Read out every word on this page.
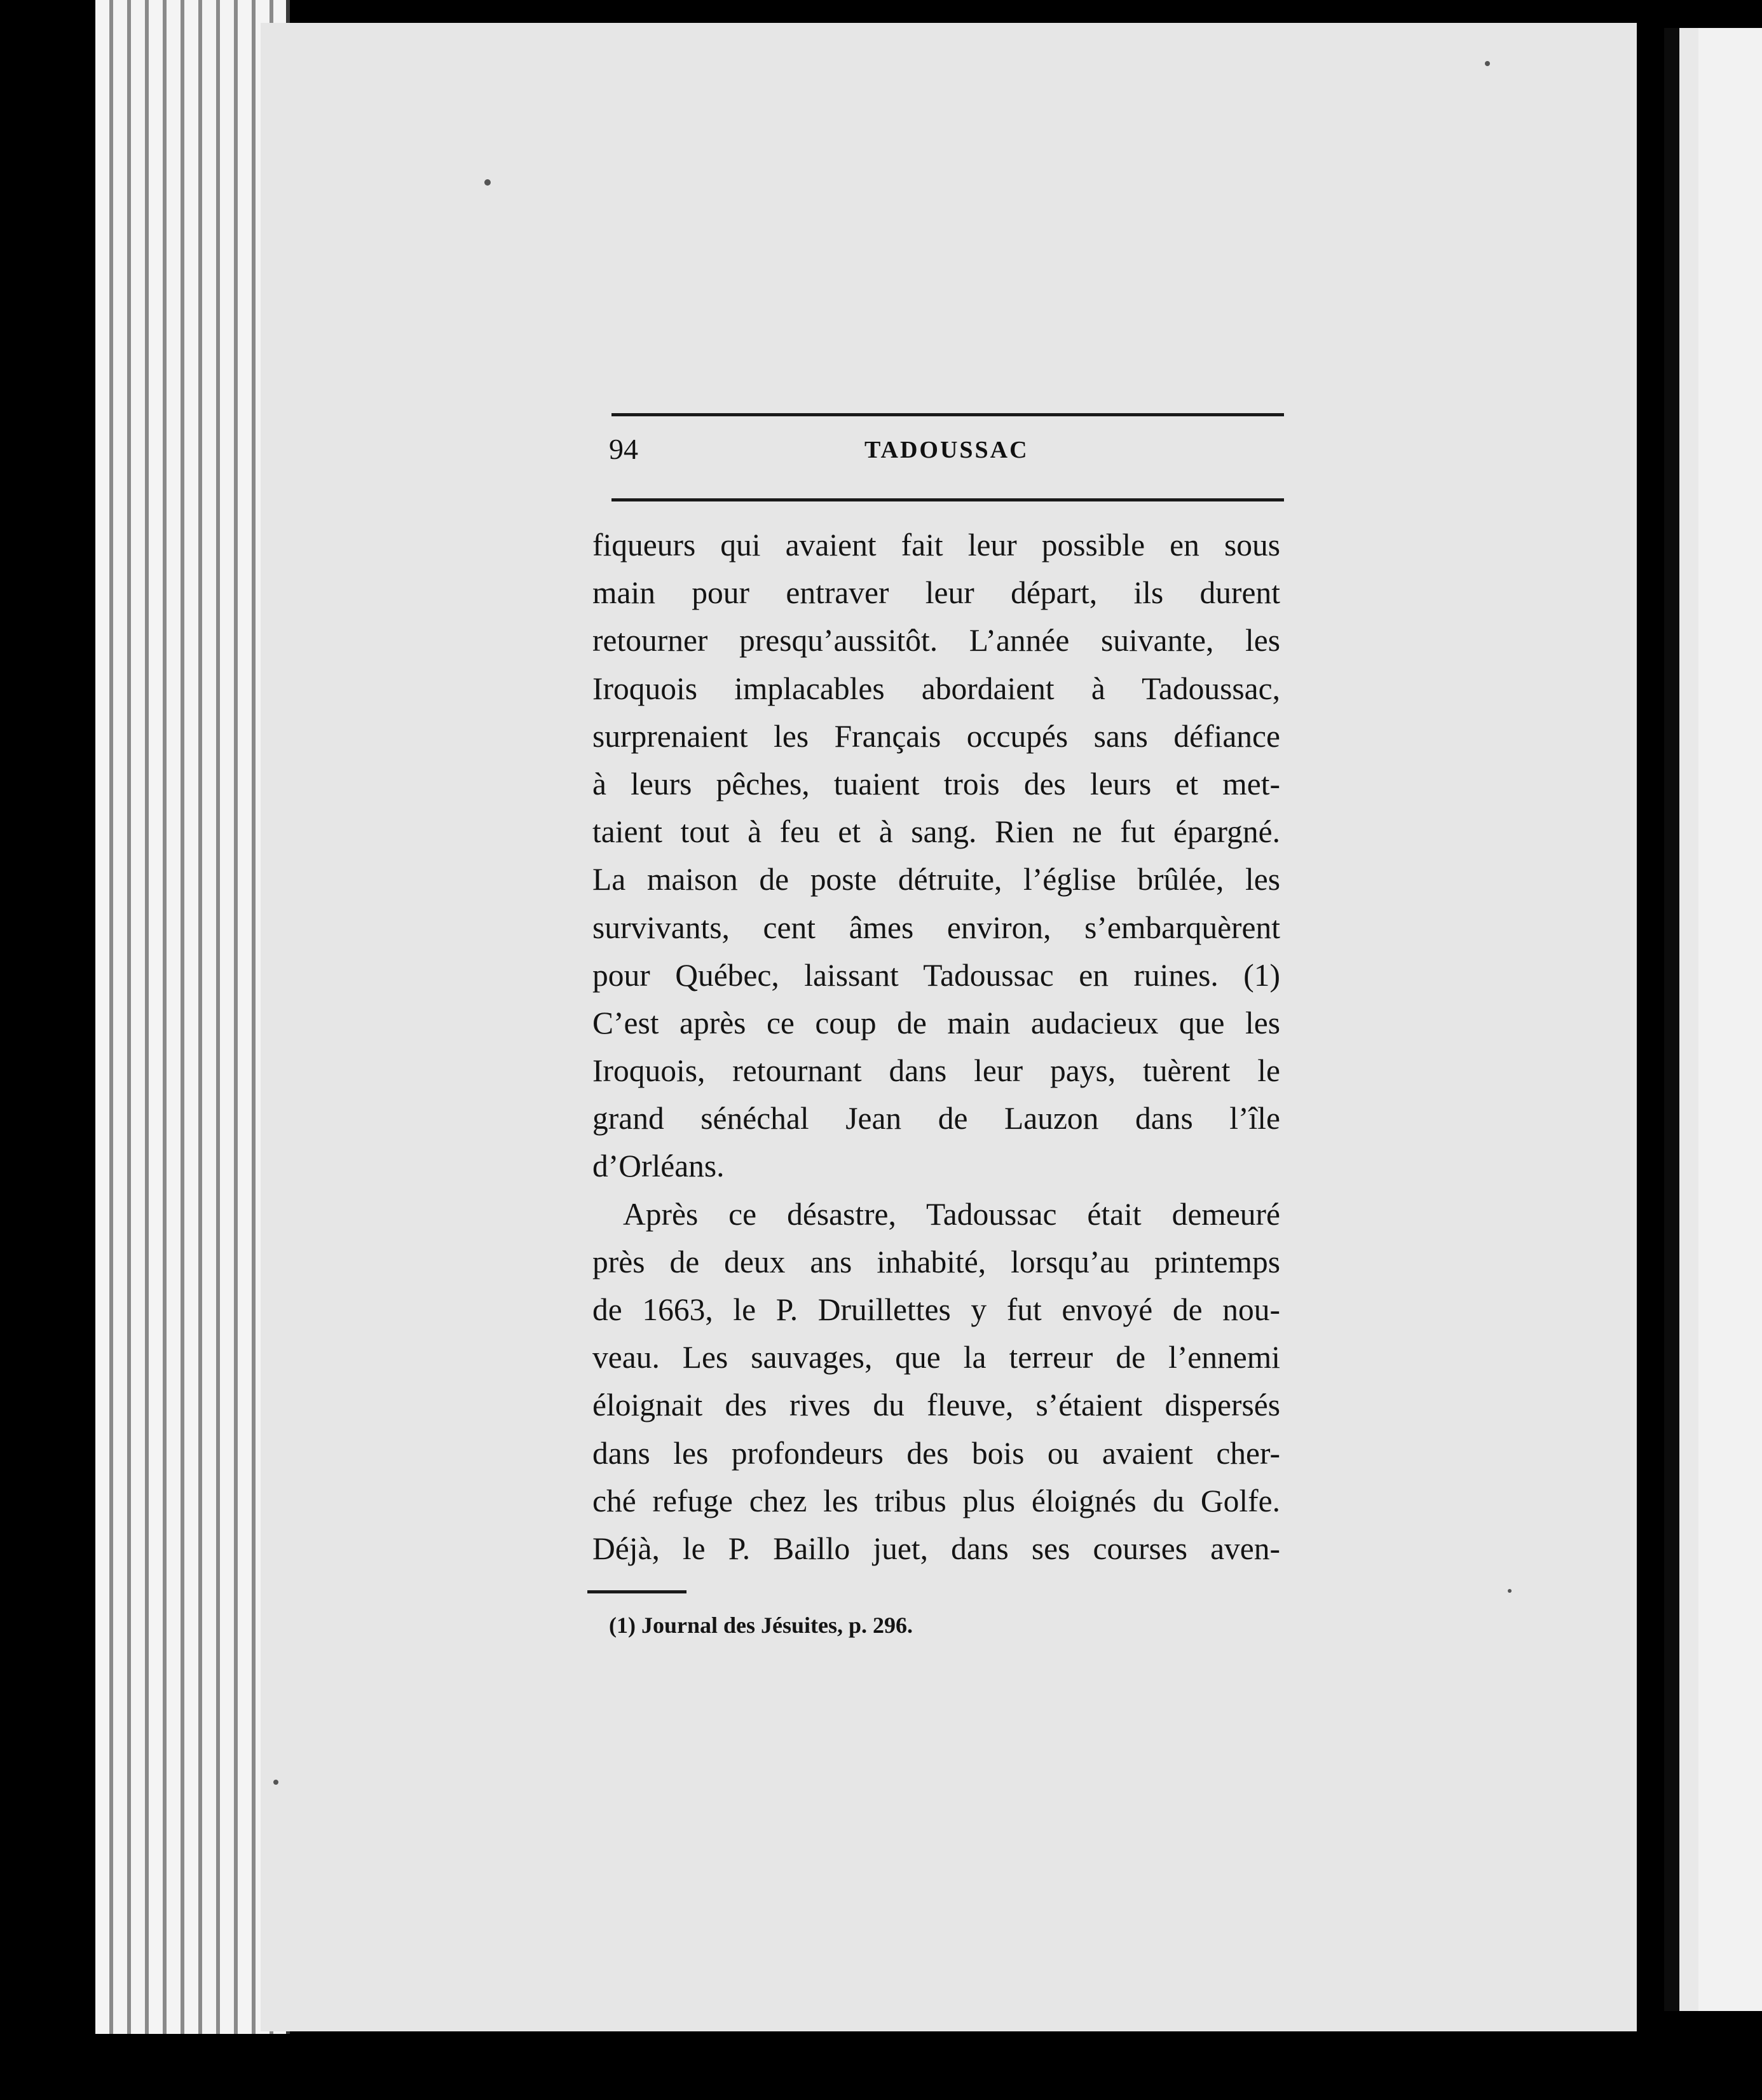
94	TADOUSSAC
fiqueurs qui avaient fait leur possible en sous
main pour entraver leur départ, ils durent
retourner presqu’aussitôt. L’année suivante, les
Iroquois implacables abordaient à Tadoussac,
surprenaient les Français occupés sans défiance
à leurs pêches, tuaient trois des leurs et met-
taient tout à feu et à sang. Rien ne fut épargné.
La maison de poste détruite, l’église brûlée, les
survivants, cent âmes environ, s’embarquèrent
pour Québec, laissant Tadoussac en ruines. (1)
C’est après ce coup de main audacieux que les
Iroquois, retournant dans leur pays, tuèrent le
grand sénéchal Jean de Lauzon dans l’île
d’Orléans.
Après ce désastre, Tadoussac était demeuré
près de deux ans inhabité, lorsqu’au printemps
de 1663, le P. Druillettes y fut envoyé de nou-
veau. Les sauvages, que la terreur de l’ennemi
éloignait des rives du fleuve, s’étaient dispersés
dans les profondeurs des bois ou avaient cher-
ché refuge chez les tribus plus éloignés du Golfe.
Déjà, le P. Baillo juet, dans ses courses aven-
(1) Journal des Jésuites, p. 296.
